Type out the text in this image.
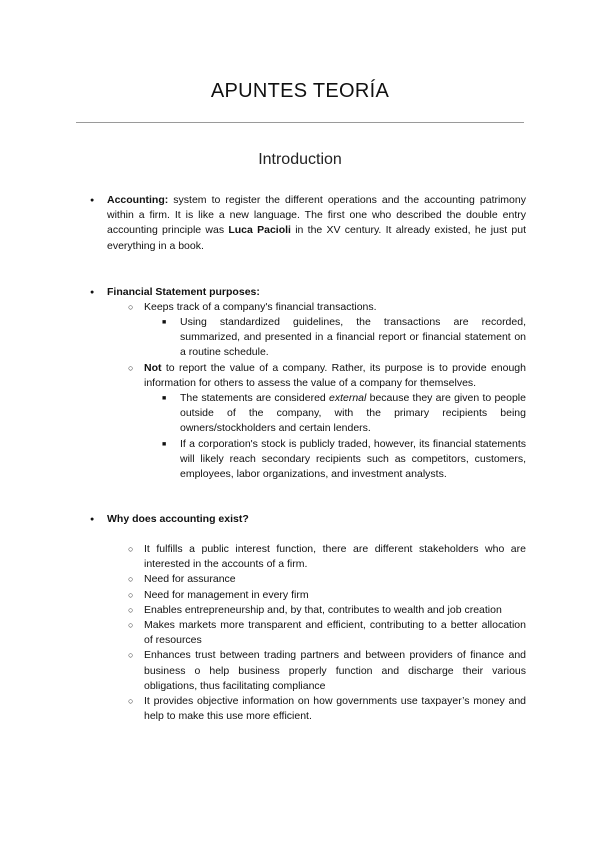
APUNTES TEORÍA
Introduction
●
Accounting: system to register the different operations and the accounting patrimony within a firm. It is like a new language. The first one who described the double entry accounting principle was Luca Pacioli in the XV century. It already existed, he just put everything in a book.
●
Financial Statement purposes:
○
Keeps track of a company's financial transactions.
■
Using standardized guidelines, the transactions are recorded, summarized, and presented in a financial report or financial statement on a routine schedule.
○
Not to report the value of a company. Rather, its purpose is to provide enough information for others to assess the value of a company for themselves.
■
The statements are considered external because they are given to people outside of the company, with the primary recipients being owners/stockholders and certain lenders.
■
If a corporation's stock is publicly traded, however, its financial statements will likely reach secondary recipients such as competitors, customers, employees, labor organizations, and investment analysts.
●
Why does accounting exist?
○
It fulfills a public interest function, there are different stakeholders who are interested in the accounts of a firm.
○
Need for assurance
○
Need for management in every firm
○
Enables entrepreneurship and, by that, contributes to wealth and job creation
○
Makes markets more transparent and efficient, contributing to a better allocation of resources
○
Enhances trust between trading partners and between providers of finance and business o help business properly function and discharge their various obligations, thus facilitating compliance
○
It provides objective information on how governments use taxpayer’s money and help to make this use more efficient.
